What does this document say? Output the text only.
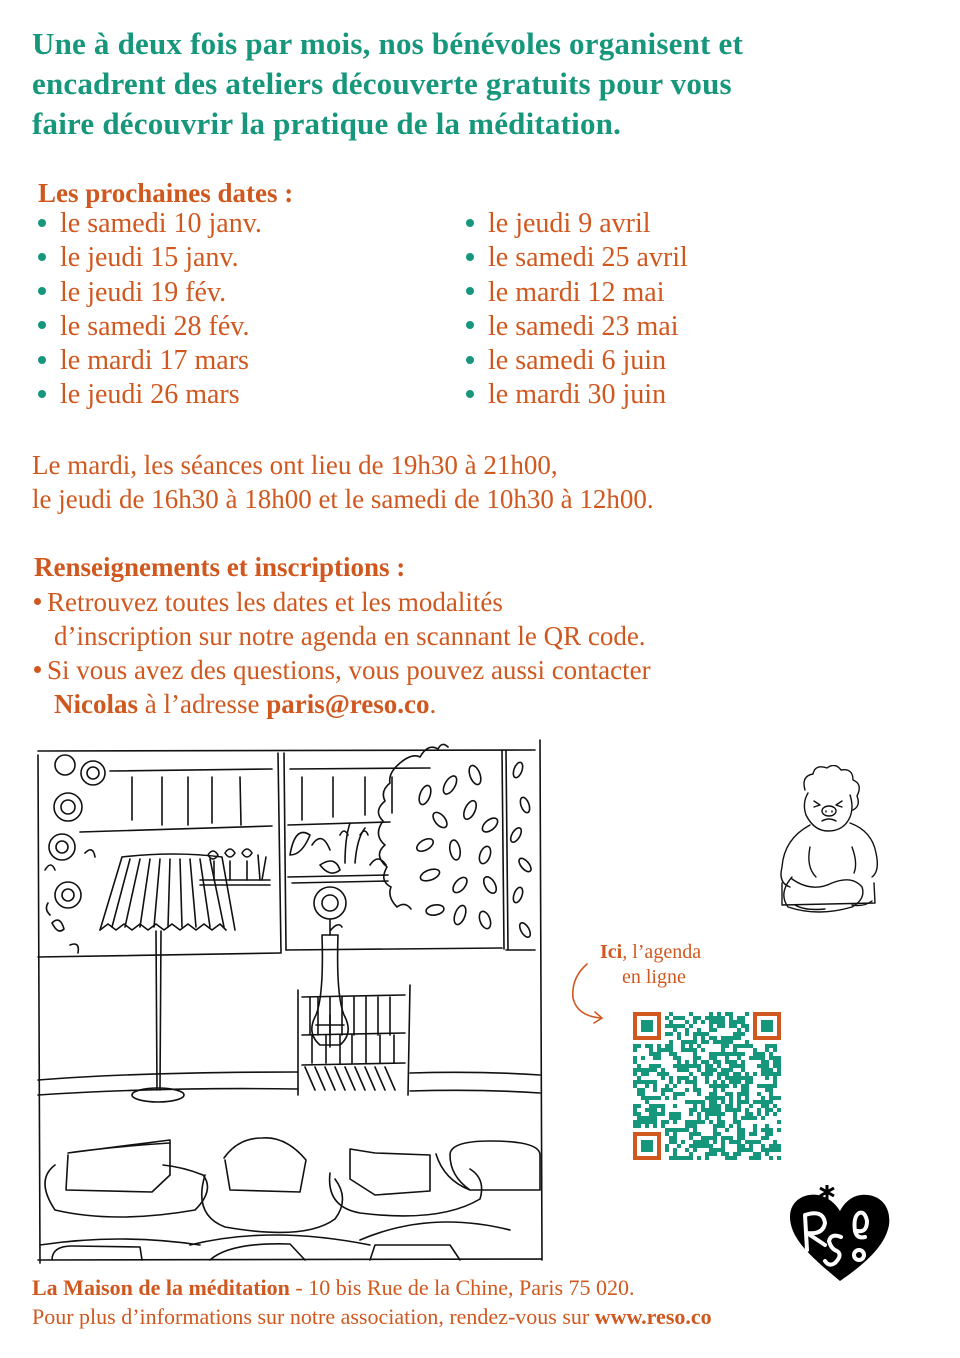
Une à deux fois par mois, nos bénévoles organisent et
encadrent des ateliers découverte gratuits pour vous
faire découvrir la pratique de la méditation.
Les prochaines dates :
le samedi 10 janv.
le jeudi 15 janv.
le jeudi 19 fév.
le samedi 28 fév.
le mardi 17 mars
le jeudi 26 mars
le jeudi 9 avril
le samedi 25 avril
le mardi 12 mai
le samedi 23 mai
le samedi 6 juin
le mardi 30 juin
Le mardi, les séances ont lieu de 19h30 à 21h00,
le jeudi de 16h30 à 18h00 et le samedi de 10h30 à 12h00.
Renseignements et inscriptions :
Retrouvez toutes les dates et les modalités
d’inscription sur notre agenda en scannant le QR code.
Si vous avez des questions, vous pouvez aussi contacter
Nicolas à l’adresse paris@reso.co.
Ici, l’agenda
en ligne
La Maison de la méditation - 10 bis Rue de la Chine, Paris 75 020.
Pour plus d’informations sur notre association, rendez-vous sur www.reso.co
